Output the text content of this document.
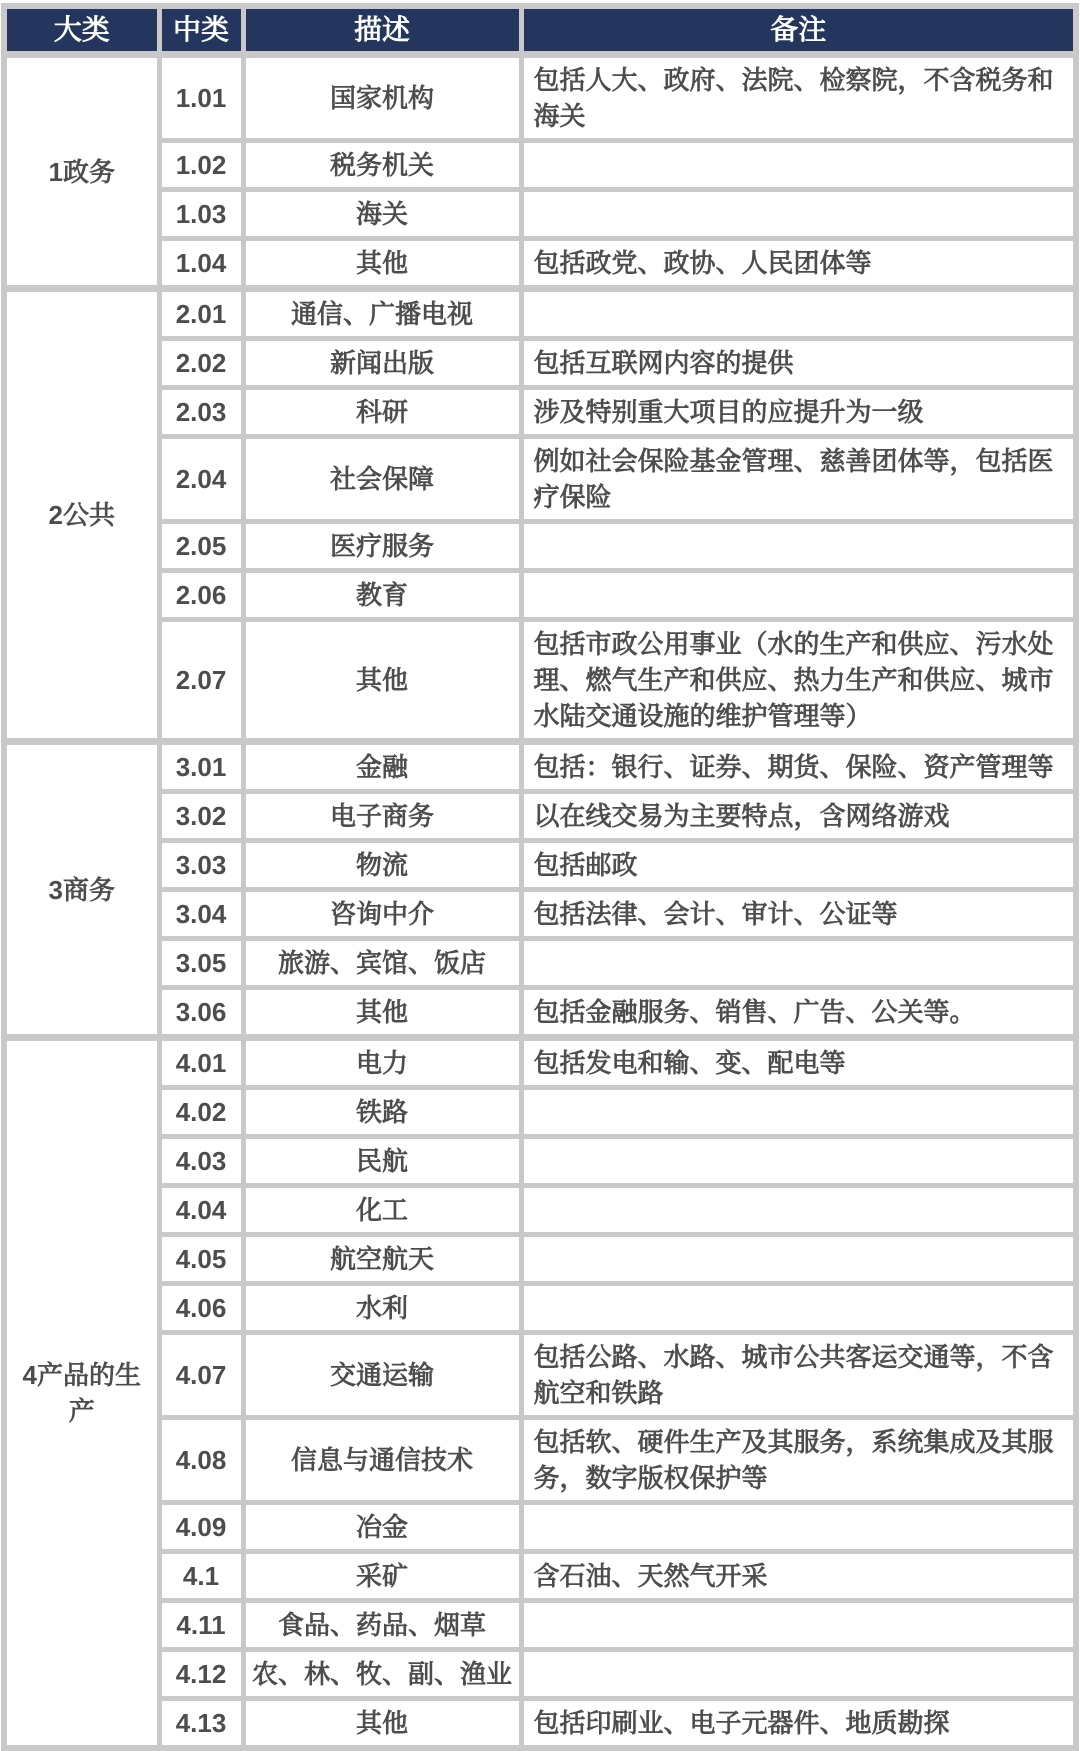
大类	中类	描述	备注
1政务	1.01	国家机构	包括人大、政府、法院、检察院，不含税务和海关
	1.02	税务机关	
	1.03	海关	
	1.04	其他	包括政党、政协、人民团体等
2公共	2.01	通信、广播电视	
	2.02	新闻出版	包括互联网内容的提供
	2.03	科研	涉及特别重大项目的应提升为一级
	2.04	社会保障	例如社会保险基金管理、慈善团体等，包括医疗保险
	2.05	医疗服务	
	2.06	教育	
	2.07	其他	包括市政公用事业（水的生产和供应、污水处理、燃气生产和供应、热力生产和供应、城市水陆交通设施的维护管理等）
3商务	3.01	金融	包括：银行、证券、期货、保险、资产管理等
	3.02	电子商务	以在线交易为主要特点，含网络游戏
	3.03	物流	包括邮政
	3.04	咨询中介	包括法律、会计、审计、公证等
	3.05	旅游、宾馆、饭店	
	3.06	其他	包括金融服务、销售、广告、公关等。
4产品的生产	4.01	电力	包括发电和输、变、配电等
	4.02	铁路	
	4.03	民航	
	4.04	化工	
	4.05	航空航天	
	4.06	水利	
	4.07	交通运输	包括公路、水路、城市公共客运交通等，不含航空和铁路
	4.08	信息与通信技术	包括软、硬件生产及其服务，系统集成及其服务，数字版权保护等
	4.09	冶金	
	4.1	采矿	含石油、天然气开采
	4.11	食品、药品、烟草	
	4.12	农、林、牧、副、渔业	
	4.13	其他	包括印刷业、电子元器件、地质勘探
